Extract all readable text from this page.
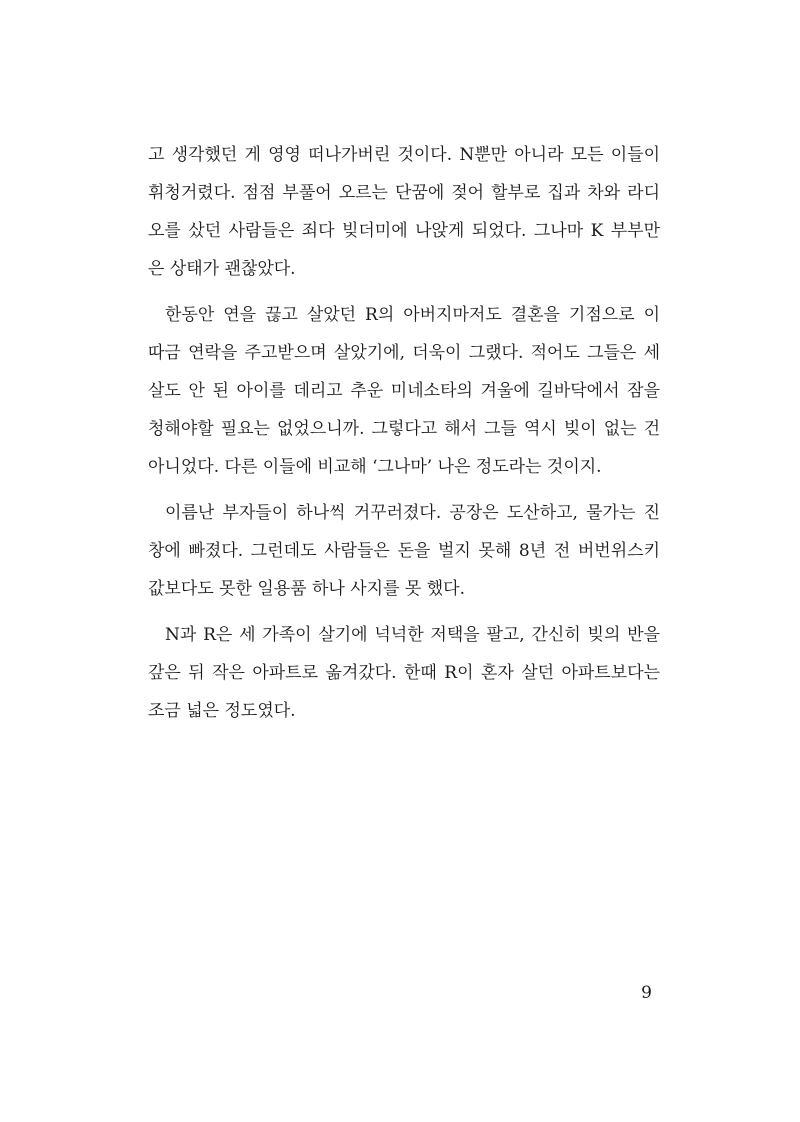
고 생각했던 게 영영 떠나가버린 것이다. N뿐만 아니라 모든 이들이
휘청거렸다. 점점 부풀어 오르는 단꿈에 젖어 할부로 집과 차와 라디
오를 샀던 사람들은 죄다 빚더미에 나앉게 되었다. 그나마 K 부부만
은 상태가 괜찮았다.
한동안 연을 끊고 살았던 R의 아버지마저도 결혼을 기점으로 이
따금 연락을 주고받으며 살았기에, 더욱이 그랬다. 적어도 그들은 세
살도 안 된 아이를 데리고 추운 미네소타의 겨울에 길바닥에서 잠을
청해야할 필요는 없었으니까. 그렇다고 해서 그들 역시 빚이 없는 건
아니었다. 다른 이들에 비교해 ‘그나마’ 나은 정도라는 것이지.
이름난 부자들이 하나씩 거꾸러졌다. 공장은 도산하고, 물가는 진
창에 빠졌다. 그런데도 사람들은 돈을 벌지 못해 8년 전 버번위스키
값보다도 못한 일용품 하나 사지를 못 했다.
N과 R은 세 가족이 살기에 넉넉한 저택을 팔고, 간신히 빚의 반을
갚은 뒤 작은 아파트로 옮겨갔다. 한때 R이 혼자 살던 아파트보다는
조금 넓은 정도였다.
9
